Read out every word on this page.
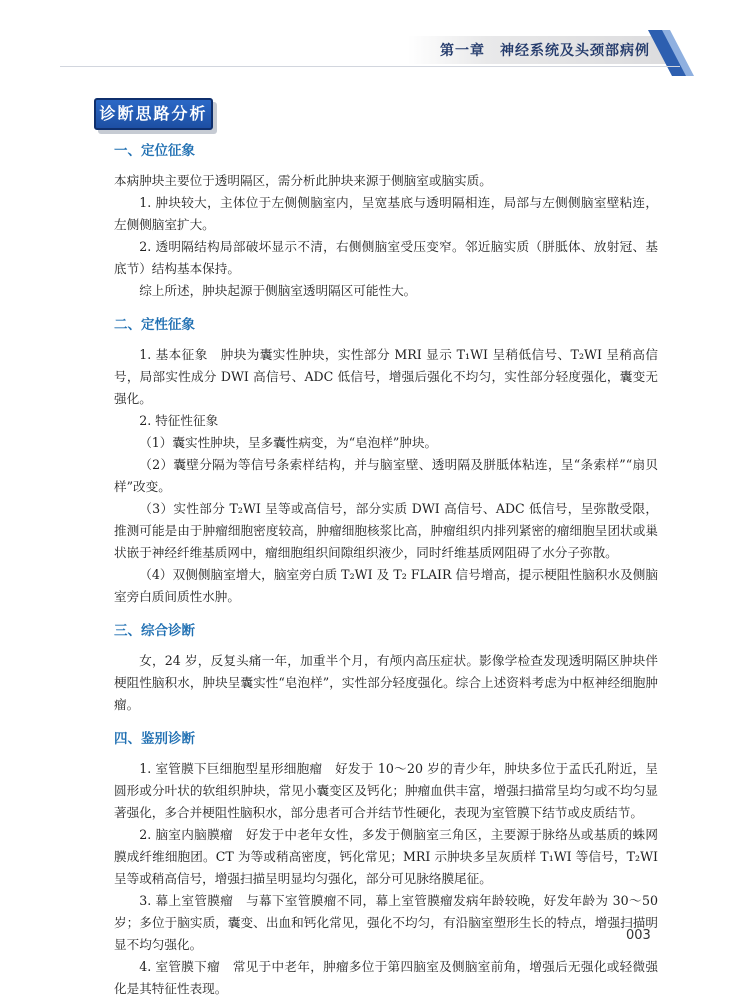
第一章　神经系统及头颈部病例
诊断思路分析

一、定位征象

本病肿块主要位于透明隔区，需分析此肿块来源于侧脑室或脑实质。

1. 肿块较大，主体位于左侧侧脑室内，呈宽基底与透明隔相连，局部与左侧侧脑室壁粘连，左侧侧脑室扩大。

2. 透明隔结构局部破坏显示不清，右侧侧脑室受压变窄。邻近脑实质（胼胝体、放射冠、基底节）结构基本保持。

综上所述，肿块起源于侧脑室透明隔区可能性大。

二、定性征象

1. 基本征象　肿块为囊实性肿块，实性部分 MRI 显示 T₁WI 呈稍低信号、T₂WI 呈稍高信号，局部实性成分 DWI 高信号、ADC 低信号，增强后强化不均匀，实性部分轻度强化，囊变无强化。

2. 特征性征象

（1）囊实性肿块，呈多囊性病变，为“皂泡样”肿块。

（2）囊壁分隔为等信号条索样结构，并与脑室壁、透明隔及胼胝体粘连，呈“条索样”“扇贝样”改变。

（3）实性部分 T₂WI 呈等或高信号，部分实质 DWI 高信号、ADC 低信号，呈弥散受限，推测可能是由于肿瘤细胞密度较高，肿瘤细胞核浆比高，肿瘤组织内排列紧密的瘤细胞呈团状或巢状嵌于神经纤维基质网中，瘤细胞组织间隙组织液少，同时纤维基质网阻碍了水分子弥散。

（4）双侧侧脑室增大，脑室旁白质 T₂WI 及 T₂ FLAIR 信号增高，提示梗阻性脑积水及侧脑室旁白质间质性水肿。

三、综合诊断

女，24 岁，反复头痛一年，加重半个月，有颅内高压症状。影像学检查发现透明隔区肿块伴梗阻性脑积水，肿块呈囊实性“皂泡样”，实性部分轻度强化。综合上述资料考虑为中枢神经细胞肿瘤。

四、鉴别诊断

1. 室管膜下巨细胞型星形细胞瘤　好发于 10～20 岁的青少年，肿块多位于孟氏孔附近，呈圆形或分叶状的软组织肿块，常见小囊变区及钙化；肿瘤血供丰富，增强扫描常呈均匀或不均匀显著强化，多合并梗阻性脑积水，部分患者可合并结节性硬化，表现为室管膜下结节或皮质结节。

2. 脑室内脑膜瘤　好发于中老年女性，多发于侧脑室三角区，主要源于脉络丛或基质的蛛网膜成纤维细胞团。CT 为等或稍高密度，钙化常见；MRI 示肿块多呈灰质样 T₁WI 等信号，T₂WI 呈等或稍高信号，增强扫描呈明显均匀强化，部分可见脉络膜尾征。

3. 幕上室管膜瘤　与幕下室管膜瘤不同，幕上室管膜瘤发病年龄较晚，好发年龄为 30～50 岁；多位于脑实质，囊变、出血和钙化常见，强化不均匀，有沿脑室塑形生长的特点，增强扫描明显不均匀强化。

4. 室管膜下瘤　常见于中老年，肿瘤多位于第四脑室及侧脑室前角，增强后无强化或轻微强化是其特征性表现。

003
